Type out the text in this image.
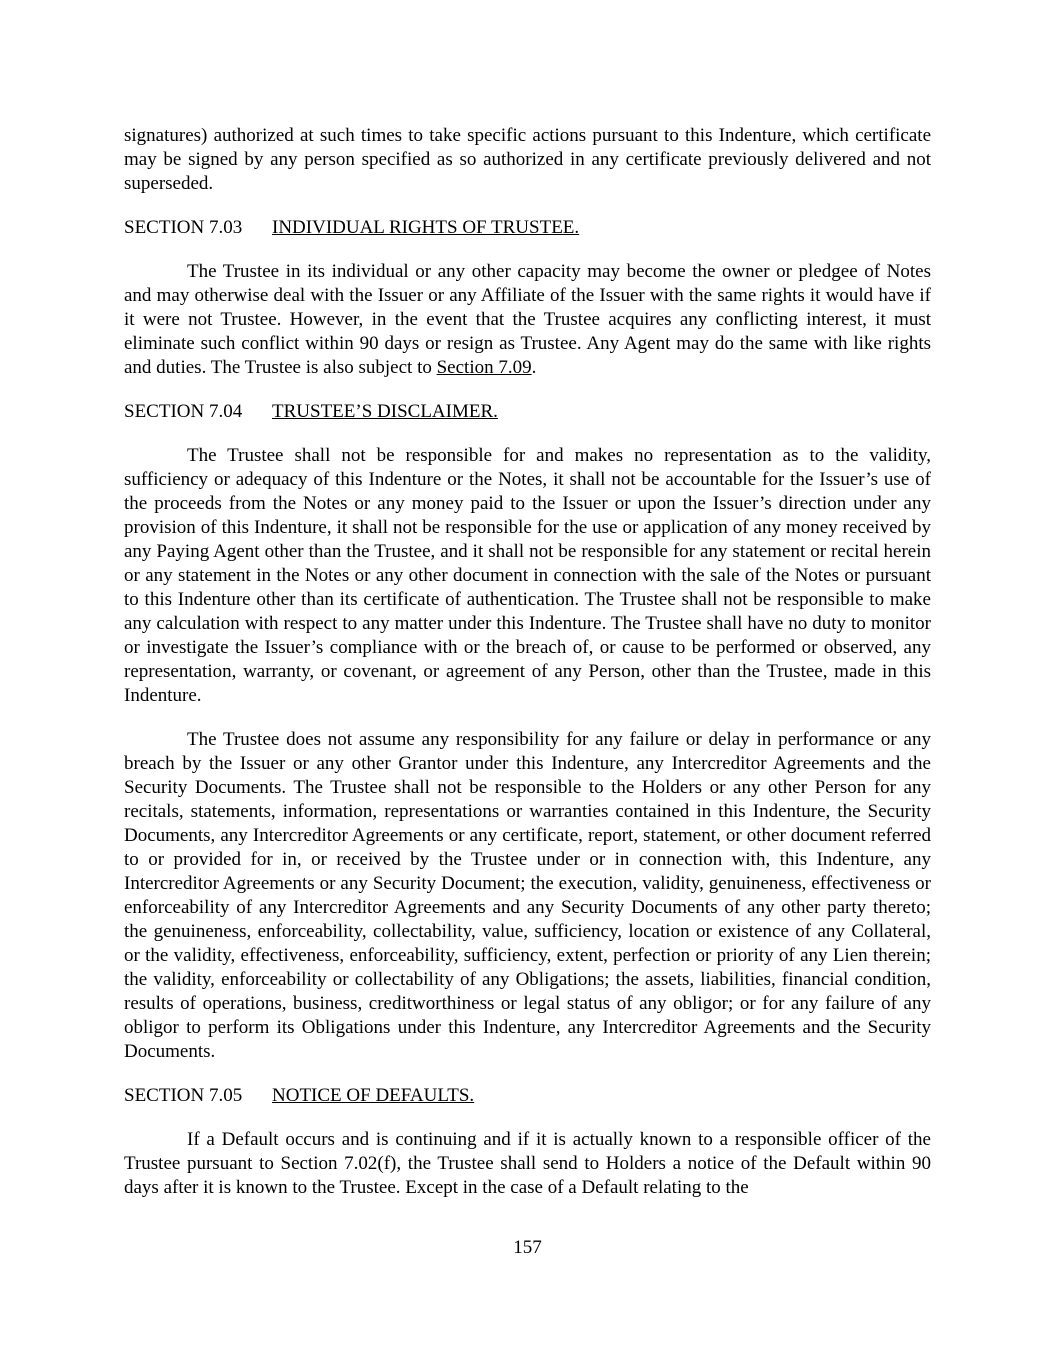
signatures) authorized at such times to take specific actions pursuant to this Indenture, which certificate may be signed by any person specified as so authorized in any certificate previously delivered and not superseded.

SECTION 7.03 INDIVIDUAL RIGHTS OF TRUSTEE.

The Trustee in its individual or any other capacity may become the owner or pledgee of Notes and may otherwise deal with the Issuer or any Affiliate of the Issuer with the same rights it would have if it were not Trustee. However, in the event that the Trustee acquires any conflicting interest, it must eliminate such conflict within 90 days or resign as Trustee. Any Agent may do the same with like rights and duties. The Trustee is also subject to Section 7.09.

SECTION 7.04 TRUSTEE’S DISCLAIMER.

The Trustee shall not be responsible for and makes no representation as to the validity, sufficiency or adequacy of this Indenture or the Notes, it shall not be accountable for the Issuer’s use of the proceeds from the Notes or any money paid to the Issuer or upon the Issuer’s direction under any provision of this Indenture, it shall not be responsible for the use or application of any money received by any Paying Agent other than the Trustee, and it shall not be responsible for any statement or recital herein or any statement in the Notes or any other document in connection with the sale of the Notes or pursuant to this Indenture other than its certificate of authentication. The Trustee shall not be responsible to make any calculation with respect to any matter under this Indenture. The Trustee shall have no duty to monitor or investigate the Issuer’s compliance with or the breach of, or cause to be performed or observed, any representation, warranty, or covenant, or agreement of any Person, other than the Trustee, made in this Indenture.

The Trustee does not assume any responsibility for any failure or delay in performance or any breach by the Issuer or any other Grantor under this Indenture, any Intercreditor Agreements and the Security Documents. The Trustee shall not be responsible to the Holders or any other Person for any recitals, statements, information, representations or warranties contained in this Indenture, the Security Documents, any Intercreditor Agreements or any certificate, report, statement, or other document referred to or provided for in, or received by the Trustee under or in connection with, this Indenture, any Intercreditor Agreements or any Security Document; the execution, validity, genuineness, effectiveness or enforceability of any Intercreditor Agreements and any Security Documents of any other party thereto; the genuineness, enforceability, collectability, value, sufficiency, location or existence of any Collateral, or the validity, effectiveness, enforceability, sufficiency, extent, perfection or priority of any Lien therein; the validity, enforceability or collectability of any Obligations; the assets, liabilities, financial condition, results of operations, business, creditworthiness or legal status of any obligor; or for any failure of any obligor to perform its Obligations under this Indenture, any Intercreditor Agreements and the Security Documents.

SECTION 7.05 NOTICE OF DEFAULTS.

If a Default occurs and is continuing and if it is actually known to a responsible officer of the Trustee pursuant to Section 7.02(f), the Trustee shall send to Holders a notice of the Default within 90 days after it is known to the Trustee. Except in the case of a Default relating to the

157
